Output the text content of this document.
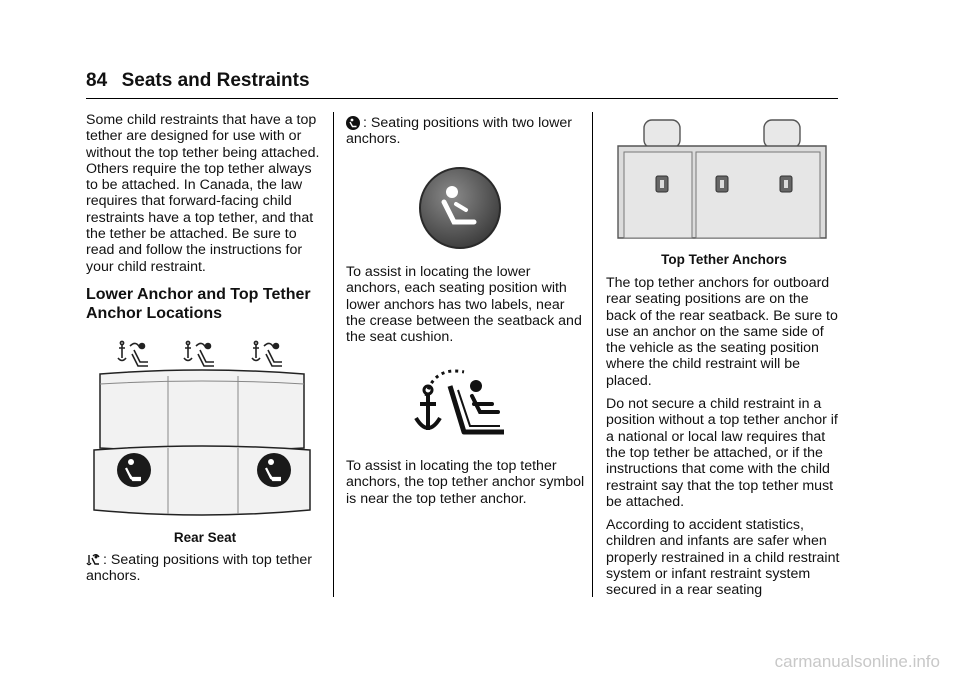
84 Seats and Restraints

Some child restraints that have a top tether are designed for use with or without the top tether being attached. Others require the top tether always to be attached. In Canada, the law requires that forward-facing child restraints have a top tether, and that the tether be attached. Be sure to read and follow the instructions for your child restraint.

Lower Anchor and Top Tether Anchor Locations
Rear Seat
: Seating positions with top tether anchors.
: Seating positions with two lower anchors.
To assist in locating the lower anchors, each seating position with lower anchors has two labels, near the crease between the seatback and the seat cushion.
To assist in locating the top tether anchors, the top tether anchor symbol is near the top tether anchor.
Top Tether Anchors

The top tether anchors for outboard rear seating positions are on the back of the rear seatback. Be sure to use an anchor on the same side of the vehicle as the seating position where the child restraint will be placed.

Do not secure a child restraint in a position without a top tether anchor if a national or local law requires that the top tether be attached, or if the instructions that come with the child restraint say that the top tether must be attached.

According to accident statistics, children and infants are safer when properly restrained in a child restraint system or infant restraint system secured in a rear seating

carmanualsonline.info
